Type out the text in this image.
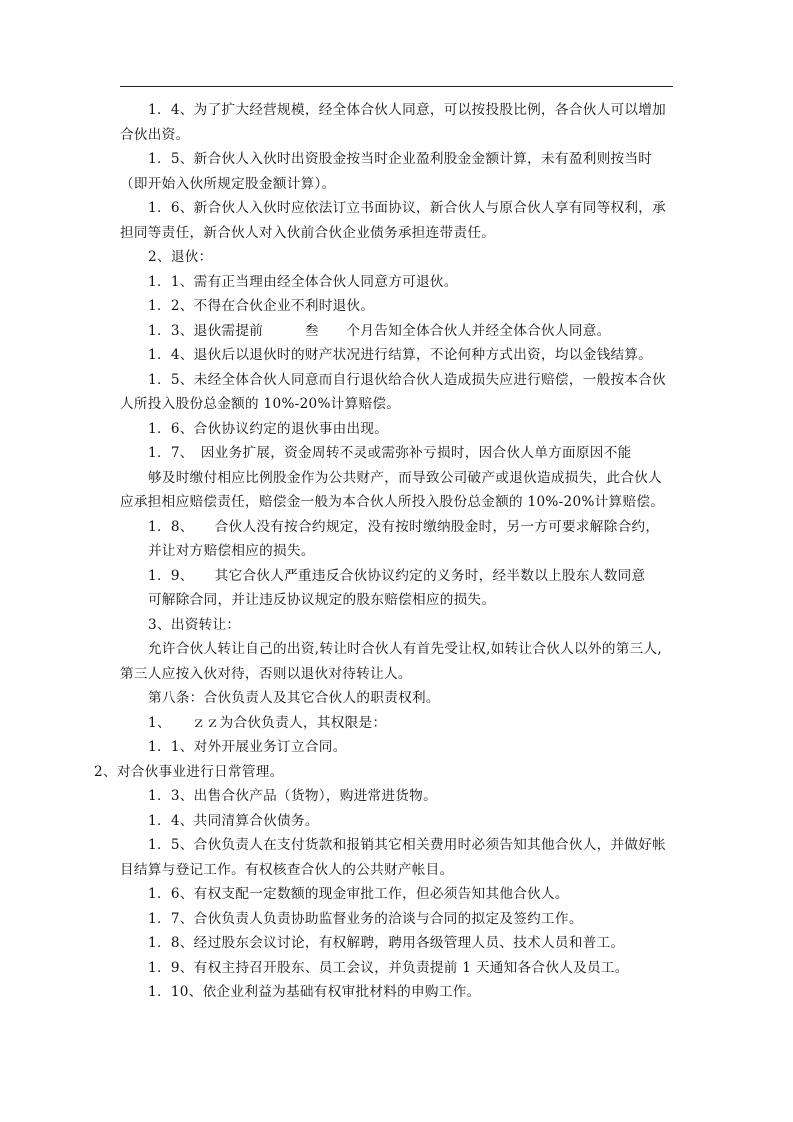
1．4、为了扩大经营规模，经全体合伙人同意，可以按投股比例，各合伙人可以增加合伙出资。

1．5、新合伙人入伙时出资股金按当时企业盈利股金金额计算，未有盈利则按当时（即开始入伙所规定股金额计算）。

1．6、新合伙人入伙时应依法订立书面协议，新合伙人与原合伙人享有同等权利，承担同等责任，新合伙人对入伙前合伙企业债务承担连带责任。

2、退伙：

1．1、需有正当理由经全体合伙人同意方可退伙。

1．2、不得在合伙企业不利时退伙。

1．3、退伙需提前　　　叁　　个月告知全体合伙人并经全体合伙人同意。

1．4、退伙后以退伙时的财产状况进行结算，不论何种方式出资，均以金钱结算。

1．5、未经全体合伙人同意而自行退伙给合伙人造成损失应进行赔偿，一般按本合伙人所投入股份总金额的 10%-20%计算赔偿。

1．6、合伙协议约定的退伙事由出现。

1．7、　因业务扩展，资金周转不灵或需弥补亏损时，因合伙人单方面原因不能

够及时缴付相应比例股金作为公共财产，而导致公司破产或退伙造成损失，此合伙人应承担相应赔偿责任，赔偿金一般为本合伙人所投入股份总金额的 10%-20%计算赔偿。

1．8、　　合伙人没有按合约规定，没有按时缴纳股金时，另一方可要求解除合约，

并让对方赔偿相应的损失。

1．9、　　其它合伙人严重违反合伙协议约定的义务时，经半数以上股东人数同意

可解除合同，并让违反协议规定的股东赔偿相应的损失。

3、出资转让：

允许合伙人转让自己的出资,转让时合伙人有首先受让权,如转让合伙人以外的第三人,第三人应按入伙对待，否则以退伙对待转让人。

第八条：合伙负责人及其它合伙人的职责权利。

1、　　ｚｚ为合伙负责人，其权限是：

1．1、对外开展业务订立合同。

2、对合伙事业进行日常管理。

1．3、出售合伙产品（货物），购进常进货物。

1．4、共同清算合伙债务。

1．5、合伙负责人在支付货款和报销其它相关费用时必须告知其他合伙人，并做好帐目结算与登记工作。有权核查合伙人的公共财产帐目。

1．6、有权支配一定数额的现金审批工作，但必须告知其他合伙人。

1．7、合伙负责人负责协助监督业务的洽谈与合同的拟定及签约工作。

1．8、经过股东会议讨论，有权解聘，聘用各级管理人员、技术人员和普工。

1．9、有权主持召开股东、员工会议，并负责提前 1 天通知各合伙人及员工。

1．10、依企业利益为基础有权审批材料的申购工作。
